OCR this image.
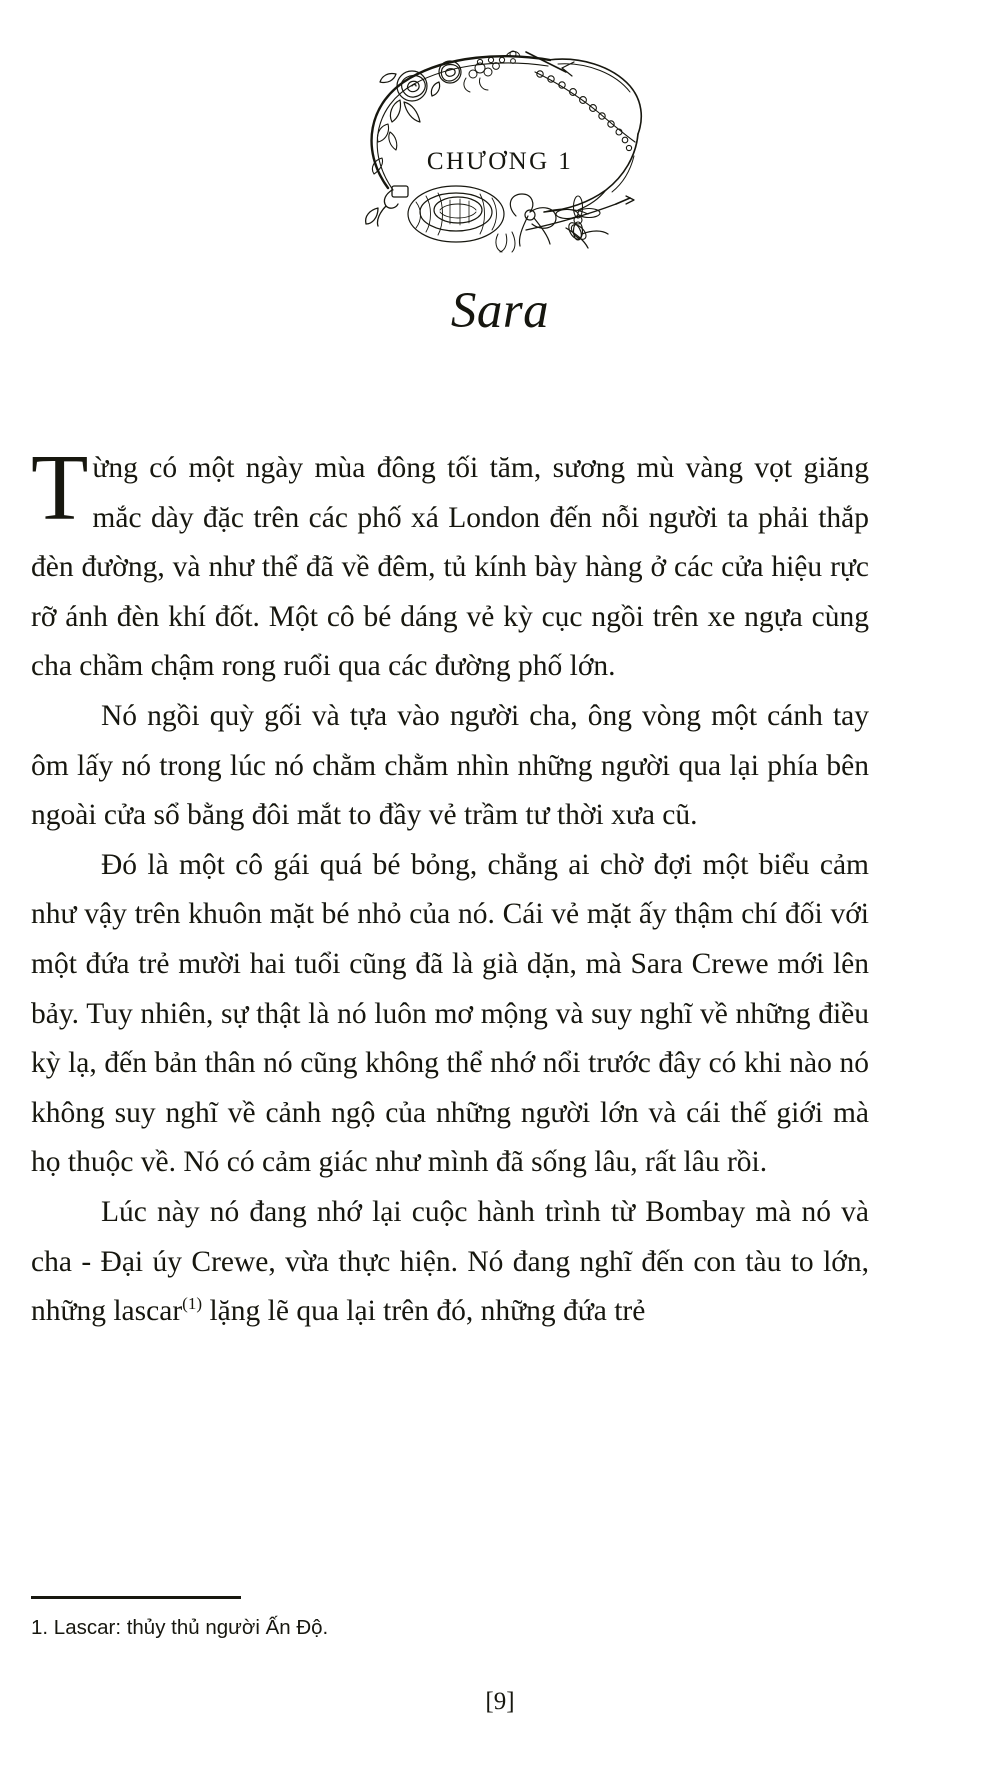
CHƯƠNG 1
Sara

Từng có một ngày mùa đông tối tăm, sương mù vàng vọt giăng mắc dày đặc trên các phố xá London đến nỗi người ta phải thắp đèn đường, và như thể đã về đêm, tủ kính bày hàng ở các cửa hiệu rực rỡ ánh đèn khí đốt. Một cô bé dáng vẻ kỳ cục ngồi trên xe ngựa cùng cha chầm chậm rong ruổi qua các đường phố lớn.

Nó ngồi quỳ gối và tựa vào người cha, ông vòng một cánh tay ôm lấy nó trong lúc nó chằm chằm nhìn những người qua lại phía bên ngoài cửa sổ bằng đôi mắt to đầy vẻ trầm tư thời xưa cũ.

Đó là một cô gái quá bé bỏng, chẳng ai chờ đợi một biểu cảm như vậy trên khuôn mặt bé nhỏ của nó. Cái vẻ mặt ấy thậm chí đối với một đứa trẻ mười hai tuổi cũng đã là già dặn, mà Sara Crewe mới lên bảy. Tuy nhiên, sự thật là nó luôn mơ mộng và suy nghĩ về những điều kỳ lạ, đến bản thân nó cũng không thể nhớ nổi trước đây có khi nào nó không suy nghĩ về cảnh ngộ của những người lớn và cái thế giới mà họ thuộc về. Nó có cảm giác như mình đã sống lâu, rất lâu rồi.

Lúc này nó đang nhớ lại cuộc hành trình từ Bombay mà nó và cha - Đại úy Crewe, vừa thực hiện. Nó đang nghĩ đến con tàu to lớn, những lascar$^{(1)}$ lặng lẽ qua lại trên đó, những đứa trẻ

1. Lascar: thủy thủ người Ấn Độ.

[9]
